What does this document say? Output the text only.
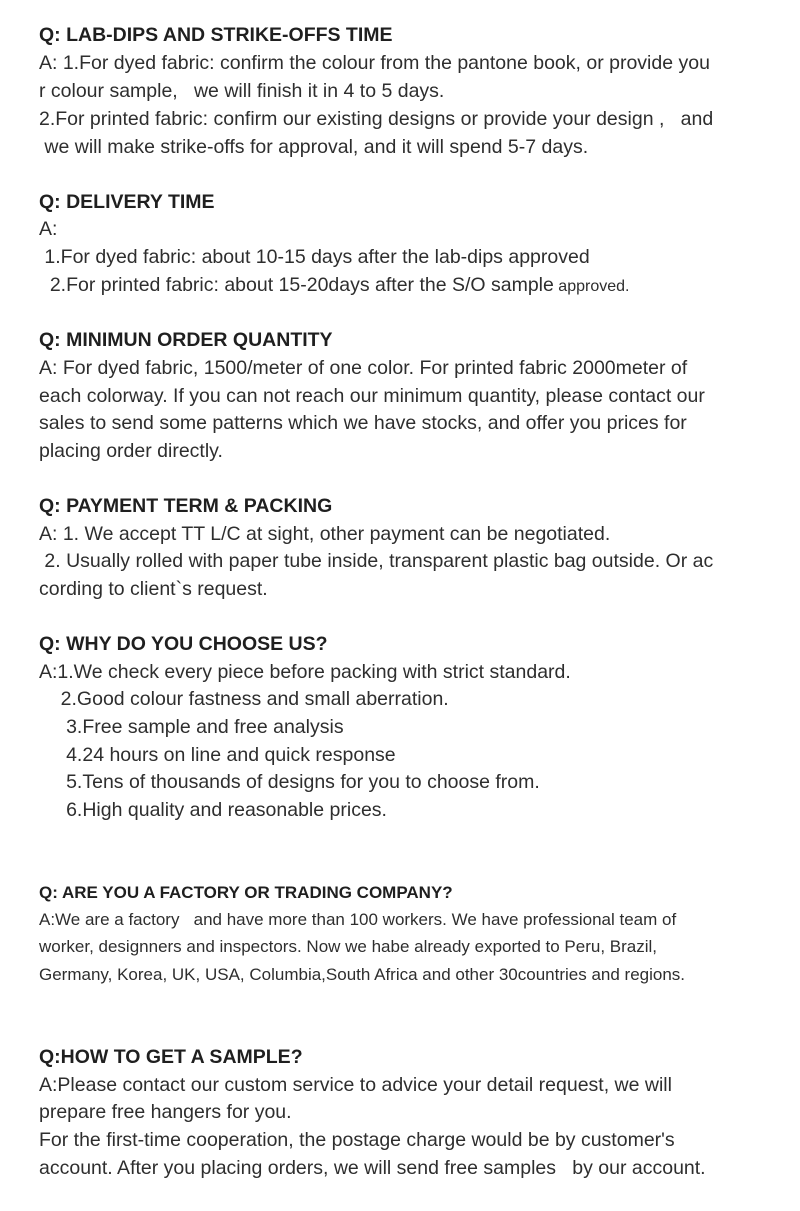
Q: LAB-DIPS AND STRIKE-OFFS TIME
A: 1.For dyed fabric: confirm the colour from the pantone book, or provide you
r colour sample,   we will finish it in 4 to 5 days.
2.For printed fabric: confirm our existing designs or provide your design ,   and
we will make strike-offs for approval, and it will spend 5-7 days.
Q: DELIVERY TIME
A:
1.For dyed fabric: about 10-15 days after the lab-dips approved
2.For printed fabric: about 15-20days after the S/O sample approved.
Q: MINIMUN ORDER QUANTITY
A: For dyed fabric, 1500/meter of one color. For printed fabric 2000meter of
each colorway. If you can not reach our minimum quantity, please contact our
sales to send some patterns which we have stocks, and offer you prices for
placing order directly.
Q: PAYMENT TERM & PACKING
A: 1. We accept TT L/C at sight, other payment can be negotiated.
2. Usually rolled with paper tube inside, transparent plastic bag outside. Or ac
cording to client`s request.
Q: WHY DO YOU CHOOSE US?
A:1.We check every piece before packing with strict standard.
2.Good colour fastness and small aberration.
3.Free sample and free analysis
4.24 hours on line and quick response
5.Tens of thousands of designs for you to choose from.
6.High quality and reasonable prices.
Q: ARE YOU A FACTORY OR TRADING COMPANY?
A:We are a factory   and have more than 100 workers. We have professional team of
worker, designners and inspectors. Now we habe already exported to Peru, Brazil,
Germany, Korea, UK, USA, Columbia,South Africa and other 30countries and regions.
Q:HOW TO GET A SAMPLE?
A:Please contact our custom service to advice your detail request, we will
prepare free hangers for you.
For the first-time cooperation, the postage charge would be by customer's
account. After you placing orders, we will send free samples   by our account.
